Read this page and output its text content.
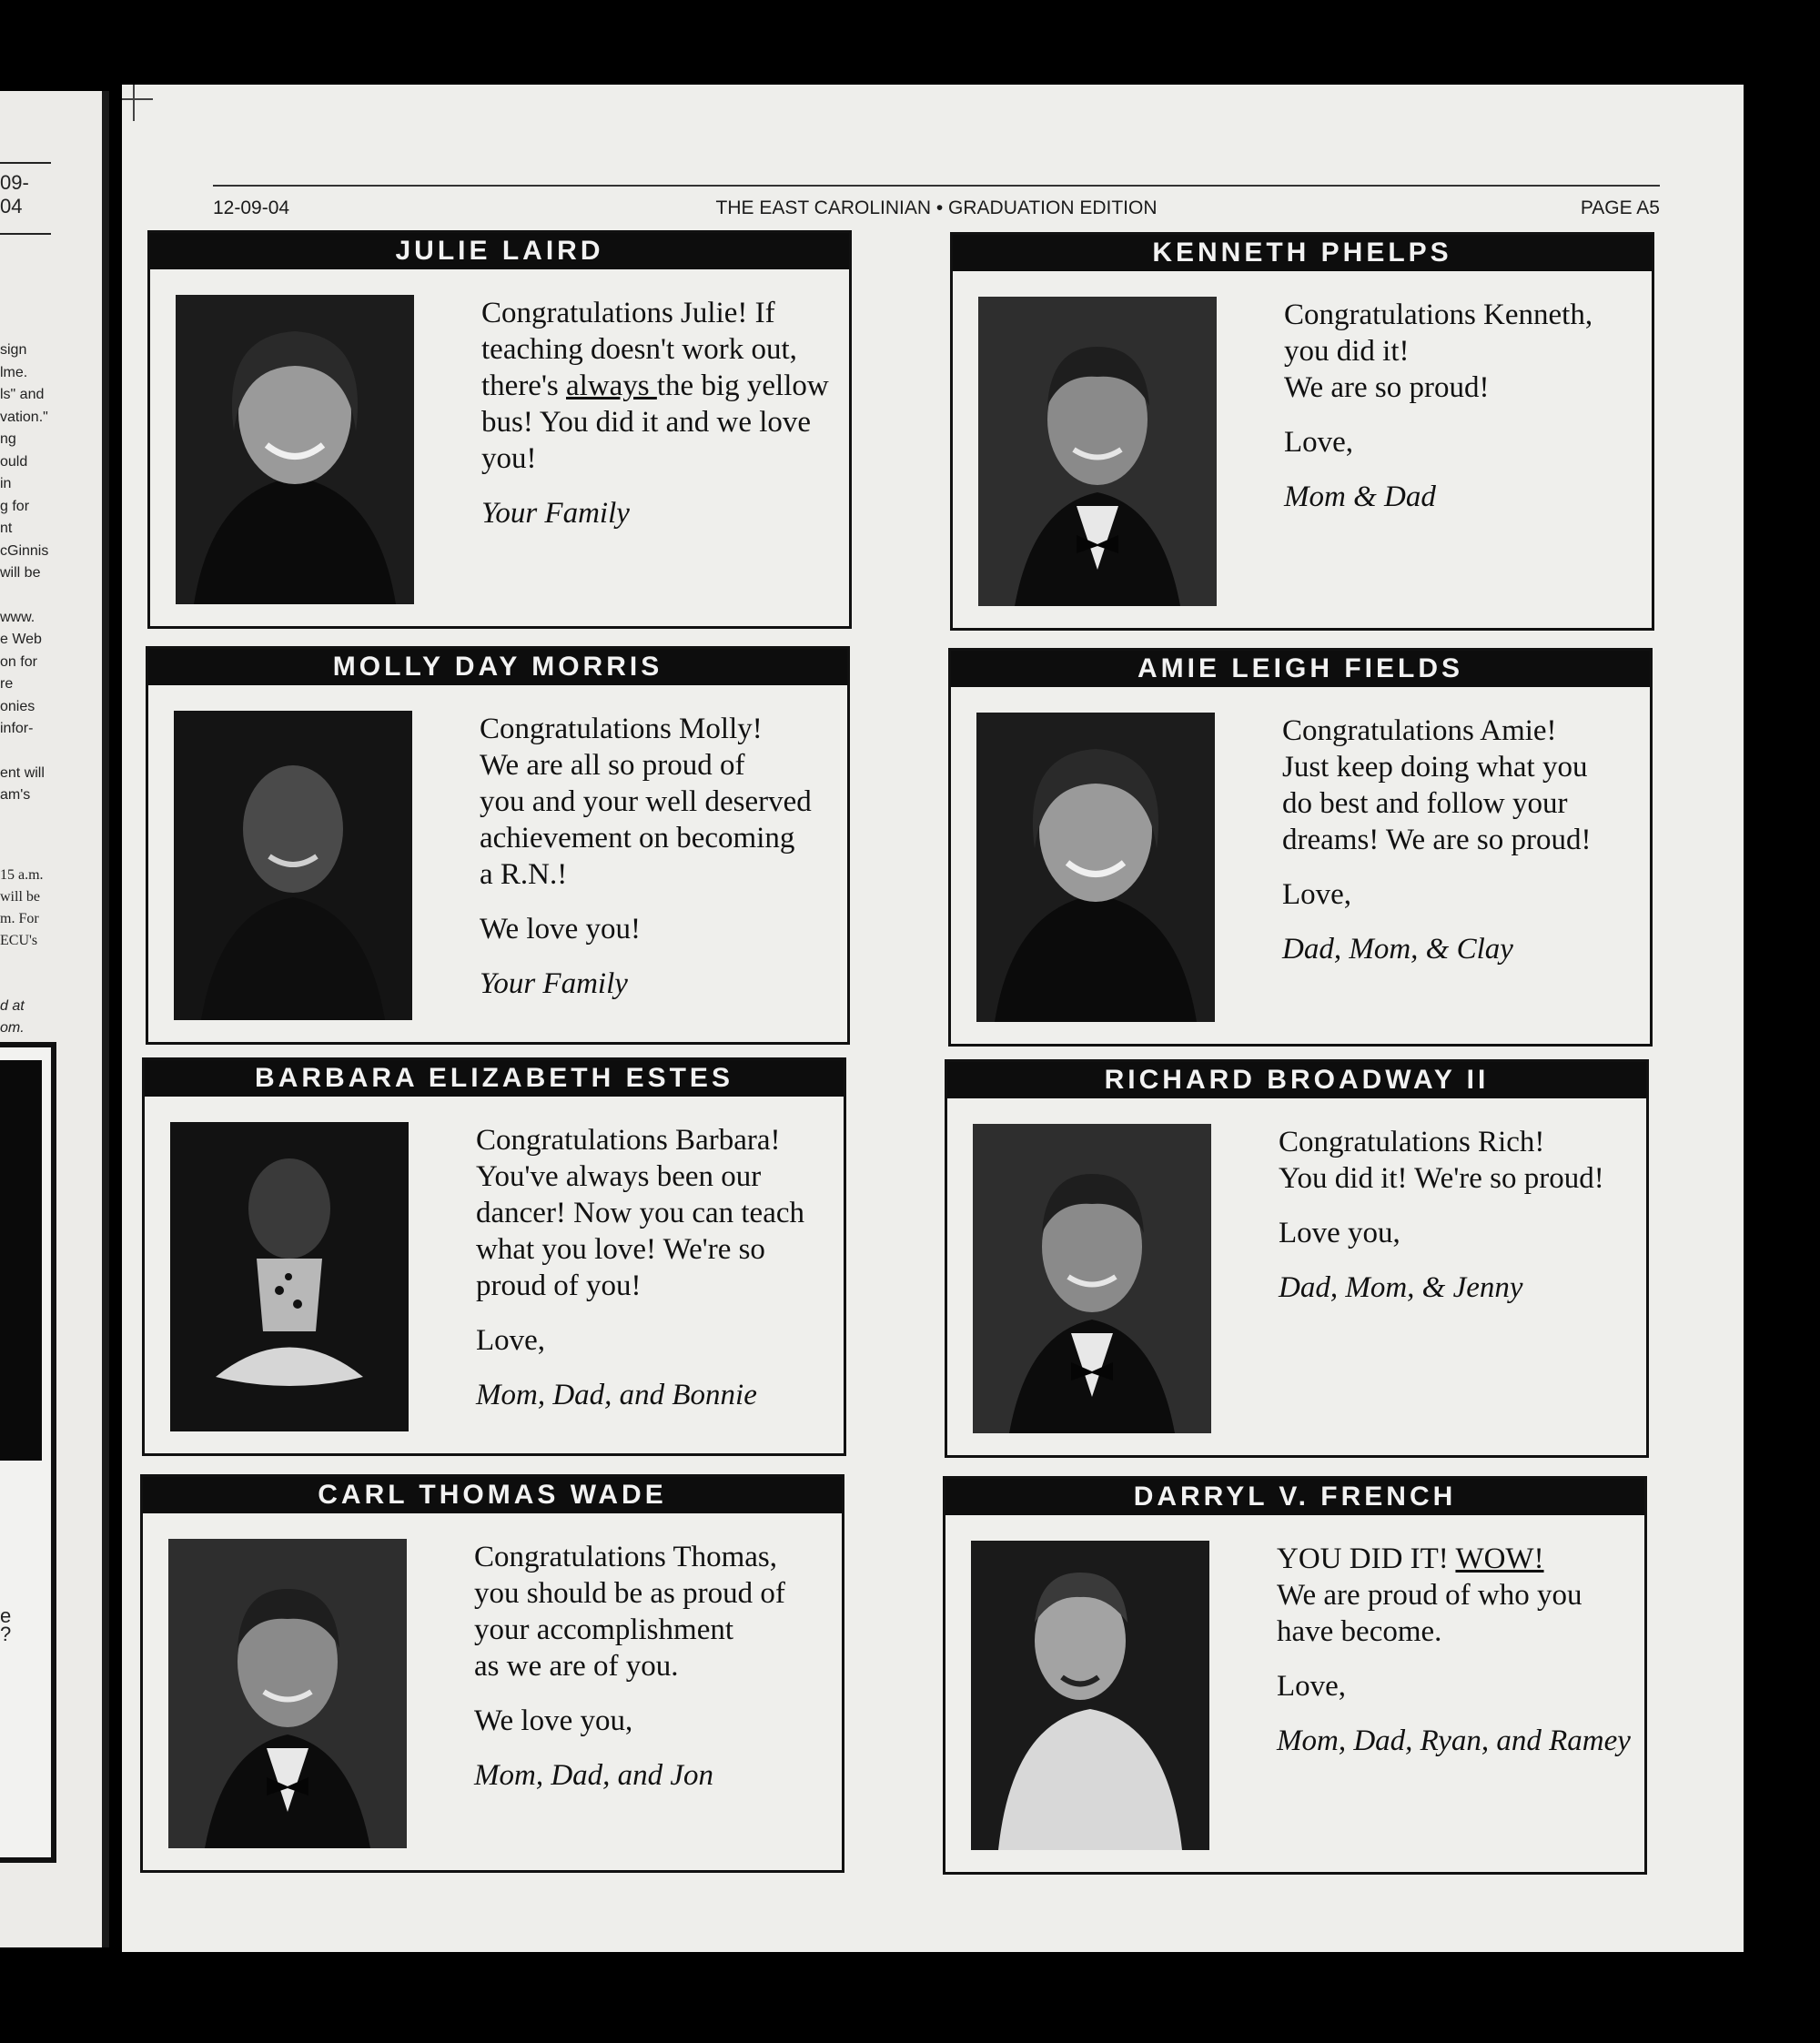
09-04
sign
lme.
ls" and
vation."
ng
ould
in
g for
nt
cGinnis
will be
www.
e Web
on for
re
onies
infor-
ent will
am's
15 a.m.
will be
m. For
ECU's
d at
om.
e
?
12-09-04	THE EAST CAROLINIAN • GRADUATION EDITION	PAGE A5
JULIE LAIRD
Congratulations Julie! If
teaching doesn't work out,
there's always the big yellow
bus! You did it and we love
you!
Your Family
KENNETH PHELPS
Congratulations Kenneth,
you did it!
We are so proud!
Love,
Mom & Dad
MOLLY DAY MORRIS
Congratulations Molly!
We are all so proud of
you and your well deserved
achievement on becoming
a R.N.!
We love you!
Your Family
AMIE LEIGH FIELDS
Congratulations Amie!
Just keep doing what you
do best and follow your
dreams! We are so proud!
Love,
Dad, Mom, & Clay
BARBARA ELIZABETH ESTES
Congratulations Barbara!
You've always been our
dancer! Now you can teach
what you love! We're so
proud of you!
Love,
Mom, Dad, and Bonnie
RICHARD BROADWAY II
Congratulations Rich!
You did it! We're so proud!
Love you,
Dad, Mom, & Jenny
CARL THOMAS WADE
Congratulations Thomas,
you should be as proud of
your accomplishment
as we are of you.
We love you,
Mom, Dad, and Jon
DARRYL V. FRENCH
YOU DID IT! WOW!
We are proud of who you
have become.
Love,
Mom, Dad, Ryan, and Ramey
